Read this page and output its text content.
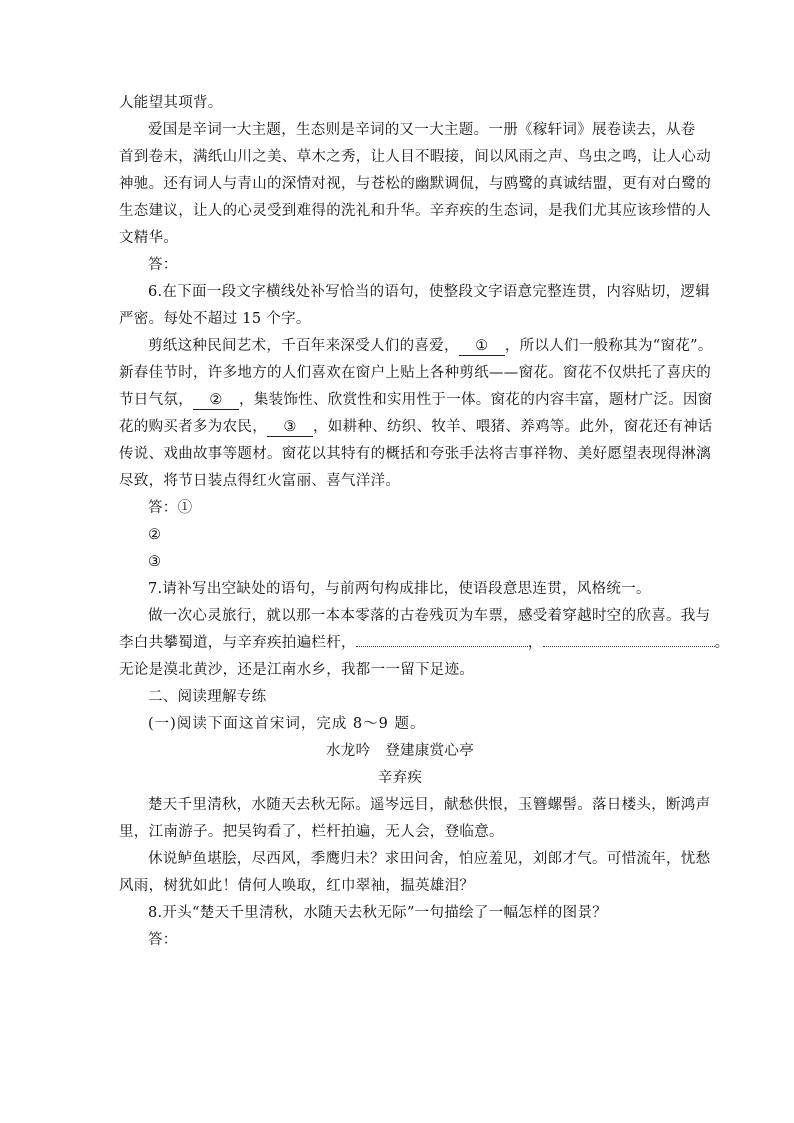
人能望其项背。
爱国是辛词一大主题，生态则是辛词的又一大主题。一册《稼轩词》展卷读去，从卷
首到卷末，满纸山川之美、草木之秀，让人目不暇接，间以风雨之声、鸟虫之鸣，让人心动
神驰。还有词人与青山的深情对视，与苍松的幽默调侃，与鸥鹭的真诚结盟，更有对白鹭的
生态建议，让人的心灵受到难得的洗礼和升华。辛弃疾的生态词，是我们尤其应该珍惜的人
文精华。
答：
6.在下面一段文字横线处补写恰当的语句，使整段文字语意完整连贯，内容贴切，逻辑
严密。每处不超过 15 个字。
剪纸这种民间艺术，千百年来深受人们的喜爱， ① ，所以人们一般称其为“窗花”。
新春佳节时，许多地方的人们喜欢在窗户上贴上各种剪纸——窗花。窗花不仅烘托了喜庆的
节日气氛， ② ，集装饰性、欣赏性和实用性于一体。窗花的内容丰富，题材广泛。因窗
花的购买者多为农民， ③ ，如耕种、纺织、牧羊、喂猪、养鸡等。此外，窗花还有神话
传说、戏曲故事等题材。窗花以其特有的概括和夸张手法将吉事祥物、美好愿望表现得淋漓
尽致，将节日装点得红火富丽、喜气洋洋。
答：①
②
③
7.请补写出空缺处的语句，与前两句构成排比，使语段意思连贯，风格统一。
做一次心灵旅行，就以那一本本零落的古卷残页为车票，感受着穿越时空的欣喜。我与
李白共攀蜀道，与辛弃疾拍遍栏杆，	，	。
无论是漠北黄沙，还是江南水乡，我都一一留下足迹。
二、阅读理解专练
(一)阅读下面这首宋词，完成 8～9 题。
水龙吟　登建康赏心亭
辛弃疾
楚天千里清秋，水随天去秋无际。遥岑远目，献愁供恨，玉簪螺髻。落日楼头，断鸿声
里，江南游子。把吴钩看了，栏杆拍遍，无人会，登临意。
休说鲈鱼堪脍，尽西风，季鹰归未？求田问舍，怕应羞见，刘郎才气。可惜流年，忧愁
风雨，树犹如此！倩何人唤取，红巾翠袖，揾英雄泪？
8.开头“楚天千里清秋，水随天去秋无际”一句描绘了一幅怎样的图景？
答：
